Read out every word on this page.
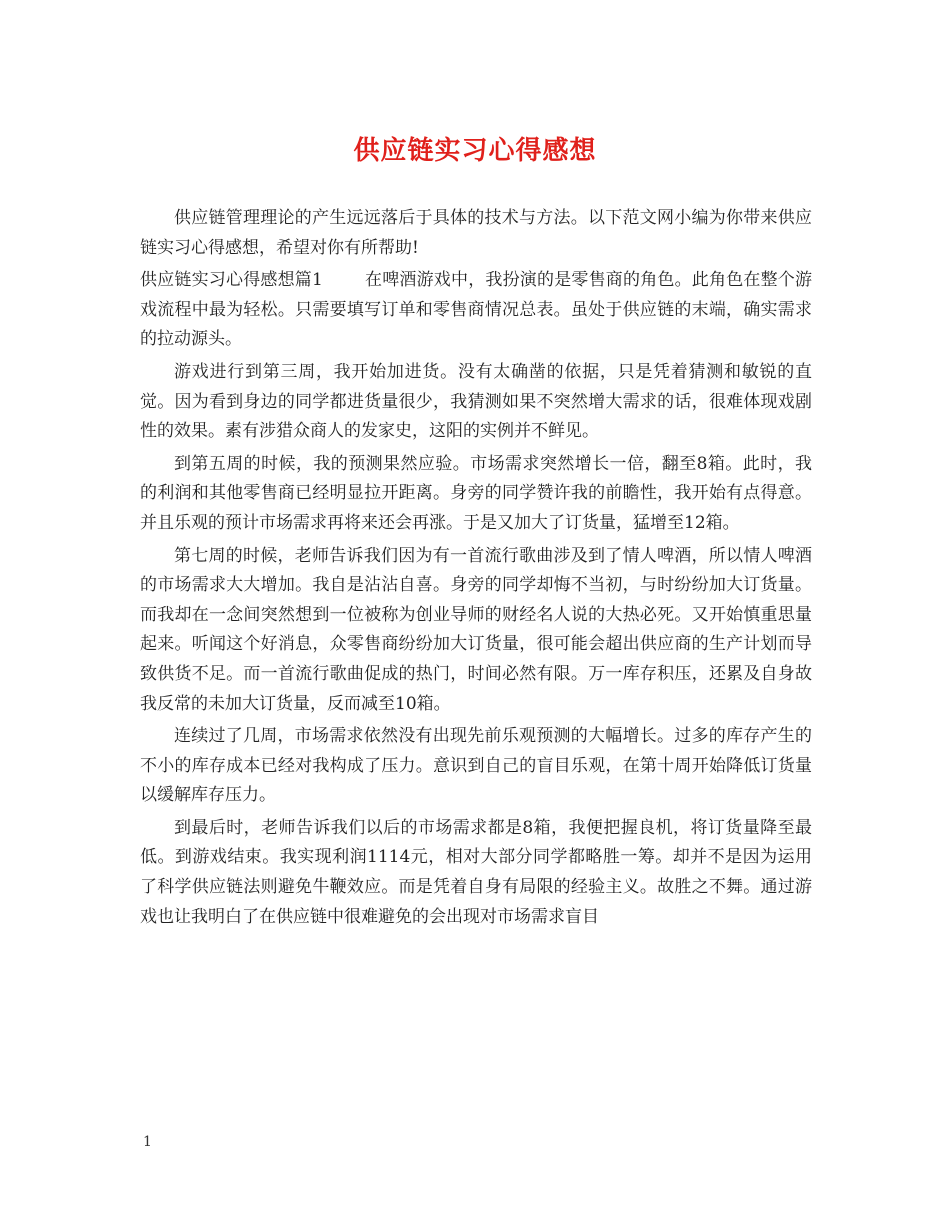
供应链实习心得感想

供应链管理理论的产生远远落后于具体的技术与方法。以下范文网小编为你带来供应链实习心得感想，希望对你有所帮助!

供应链实习心得感想篇1 在啤酒游戏中，我扮演的是零售商的角色。此角色在整个游戏流程中最为轻松。只需要填写订单和零售商情况总表。虽处于供应链的末端，确实需求的拉动源头。

游戏进行到第三周，我开始加进货。没有太确凿的依据，只是凭着猜测和敏锐的直觉。因为看到身边的同学都进货量很少，我猜测如果不突然增大需求的话，很难体现戏剧性的效果。素有涉猎众商人的发家史，这阳的实例并不鲜见。

到第五周的时候，我的预测果然应验。市场需求突然增长一倍，翻至8箱。此时，我的利润和其他零售商已经明显拉开距离。身旁的同学赞许我的前瞻性，我开始有点得意。并且乐观的预计市场需求再将来还会再涨。于是又加大了订货量，猛增至12箱。

第七周的时候，老师告诉我们因为有一首流行歌曲涉及到了情人啤酒，所以情人啤酒的市场需求大大增加。我自是沾沾自喜。身旁的同学却悔不当初，与时纷纷加大订货量。而我却在一念间突然想到一位被称为创业导师的财经名人说的大热必死。又开始慎重思量起来。听闻这个好消息，众零售商纷纷加大订货量，很可能会超出供应商的生产计划而导致供货不足。而一首流行歌曲促成的热门，时间必然有限。万一库存积压，还累及自身故我反常的未加大订货量，反而减至10箱。

连续过了几周，市场需求依然没有出现先前乐观预测的大幅增长。过多的库存产生的不小的库存成本已经对我构成了压力。意识到自己的盲目乐观，在第十周开始降低订货量以缓解库存压力。

到最后时，老师告诉我们以后的市场需求都是8箱，我便把握良机，将订货量降至最低。到游戏结束。我实现利润1114元，相对大部分同学都略胜一筹。却并不是因为运用了科学供应链法则避免牛鞭效应。而是凭着自身有局限的经验主义。故胜之不舞。通过游戏也让我明白了在供应链中很难避免的会出现对市场需求盲目

1
